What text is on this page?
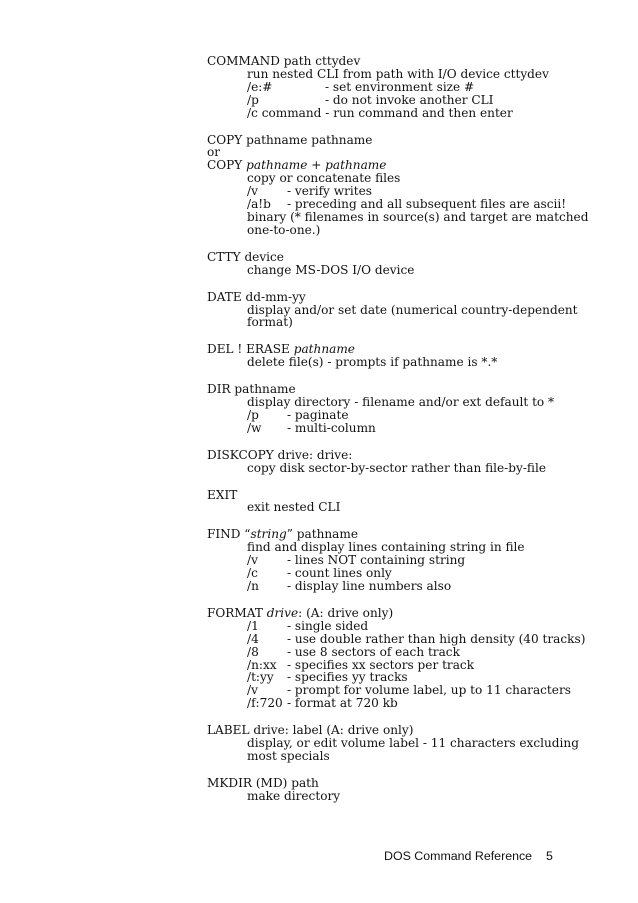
COMMAND path cttydev
run nested CLI from path with I/O device cttydev
/e:#	- set environment size #
/p	- do not invoke another CLI
/c command - run command and then enter
COPY pathname pathname
or
COPY pathname + pathname
copy or concatenate files
/v	- verify writes
/a!b	- preceding and all subsequent files are ascii!
binary (* filenames in source(s) and target are matched
one-to-one.)
CTTY device
change MS-DOS I/O device
DATE dd-mm-yy
display and/or set date (numerical country-dependent
format)
DEL ! ERASE pathname
delete file(s) - prompts if pathname is *.*
DIR pathname
display directory - filename and/or ext default to *
/p	- paginate
/w	- multi-column
DISKCOPY drive: drive:
copy disk sector-by-sector rather than file-by-file
EXIT
exit nested CLI
FIND “string” pathname
find and display lines containing string in file
/v	- lines NOT containing string
/c	- count lines only
/n	- display line numbers also
FORMAT drive: (A: drive only)
/1	- single sided
/4	- use double rather than high density (40 tracks)
/8	- use 8 sectors of each track
/n:xx - specifies xx sectors per track
/t:yy	- specifies yy tracks
/v	- prompt for volume label, up to 11 characters
/f:720 - format at 720 kb
LABEL drive: label (A: drive only)
display, or edit volume label - 11 characters excluding
most specials
MKDIR (MD) path
make directory
DOS Command Reference 5
